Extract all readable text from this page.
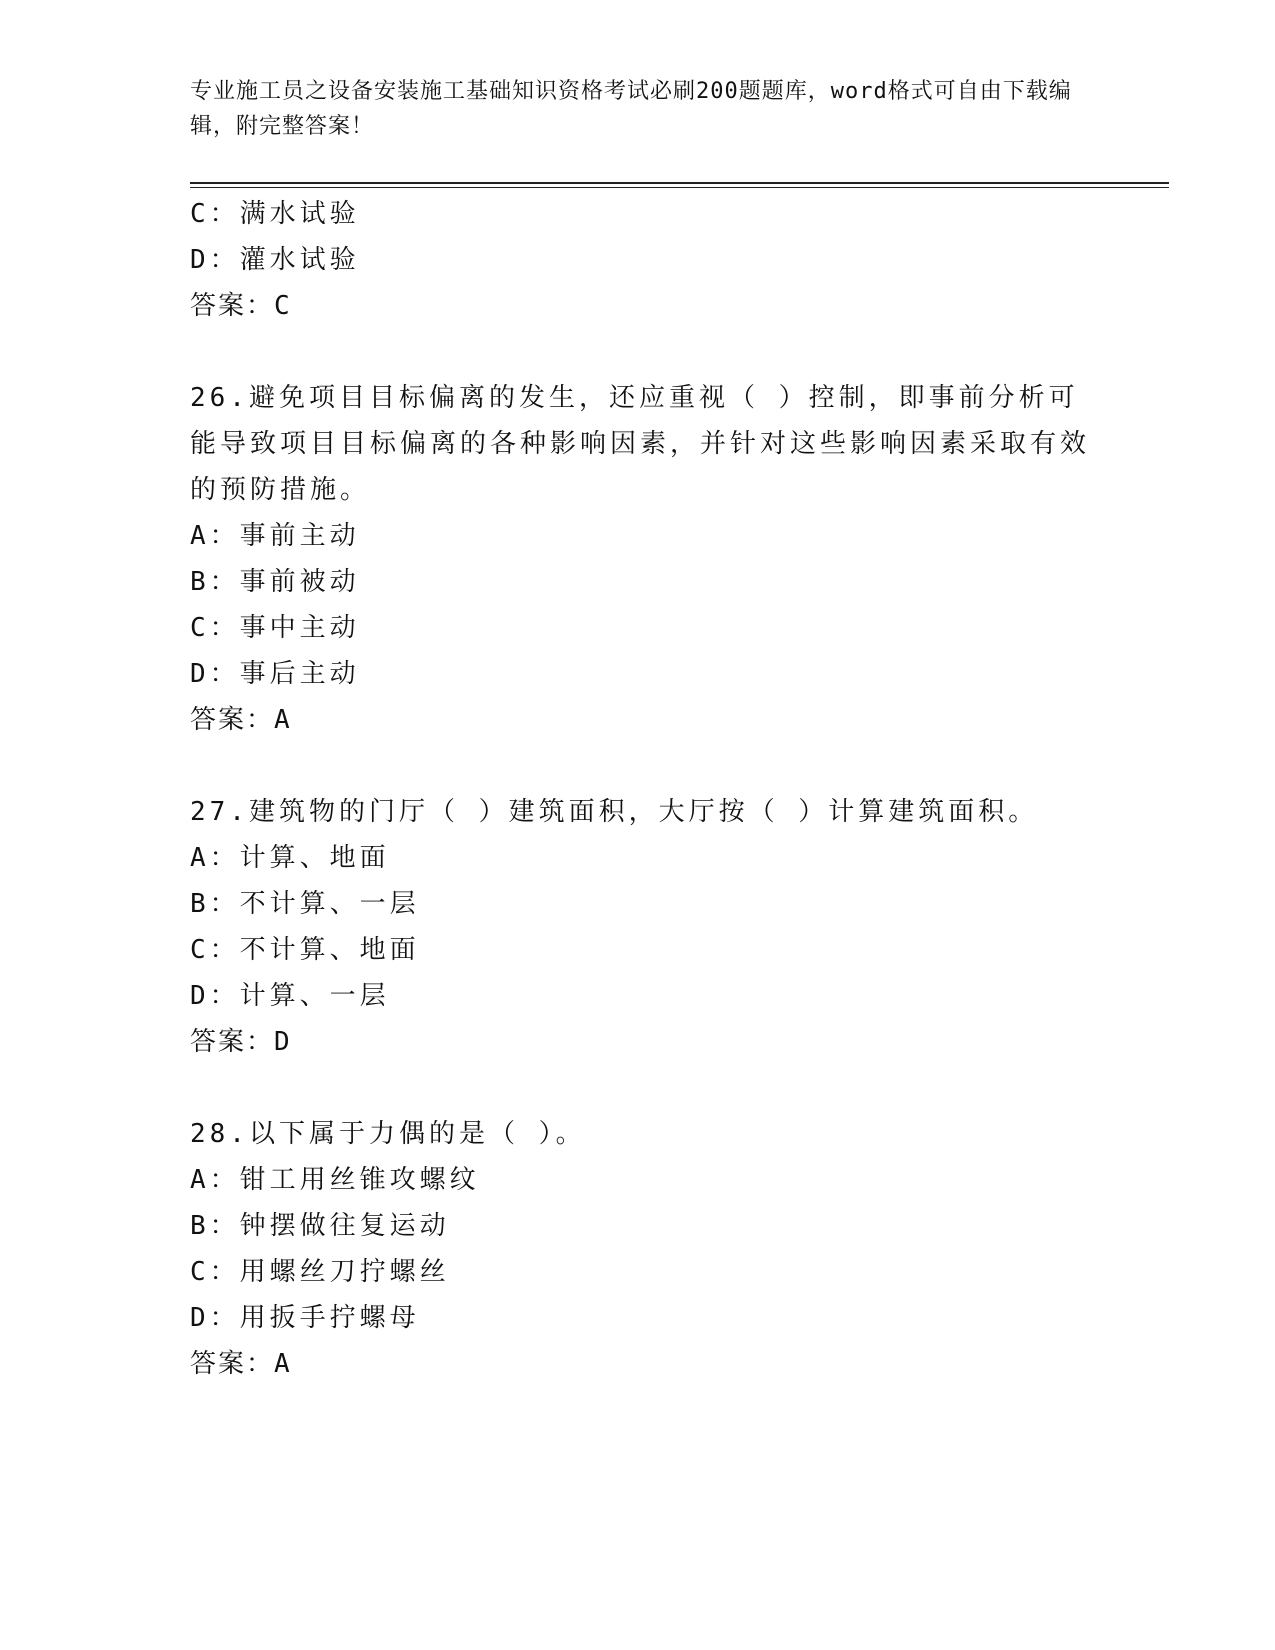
专业施工员之设备安装施工基础知识资格考试必刷200题题库，word格式可自由下载编辑，附完整答案！
C：满水试验
D：灌水试验
答案：C
26.避免项目目标偏离的发生，还应重视（ ）控制，即事前分析可能导致项目目标偏离的各种影响因素，并针对这些影响因素采取有效的预防措施。
A：事前主动
B：事前被动
C：事中主动
D：事后主动
答案：A
27.建筑物的门厅（ ）建筑面积，大厅按（ ）计算建筑面积。
A：计算、地面
B：不计算、一层
C：不计算、地面
D：计算、一层
答案：D
28.以下属于力偶的是（ ）。
A：钳工用丝锥攻螺纹
B：钟摆做往复运动
C：用螺丝刀拧螺丝
D：用扳手拧螺母
答案：A
